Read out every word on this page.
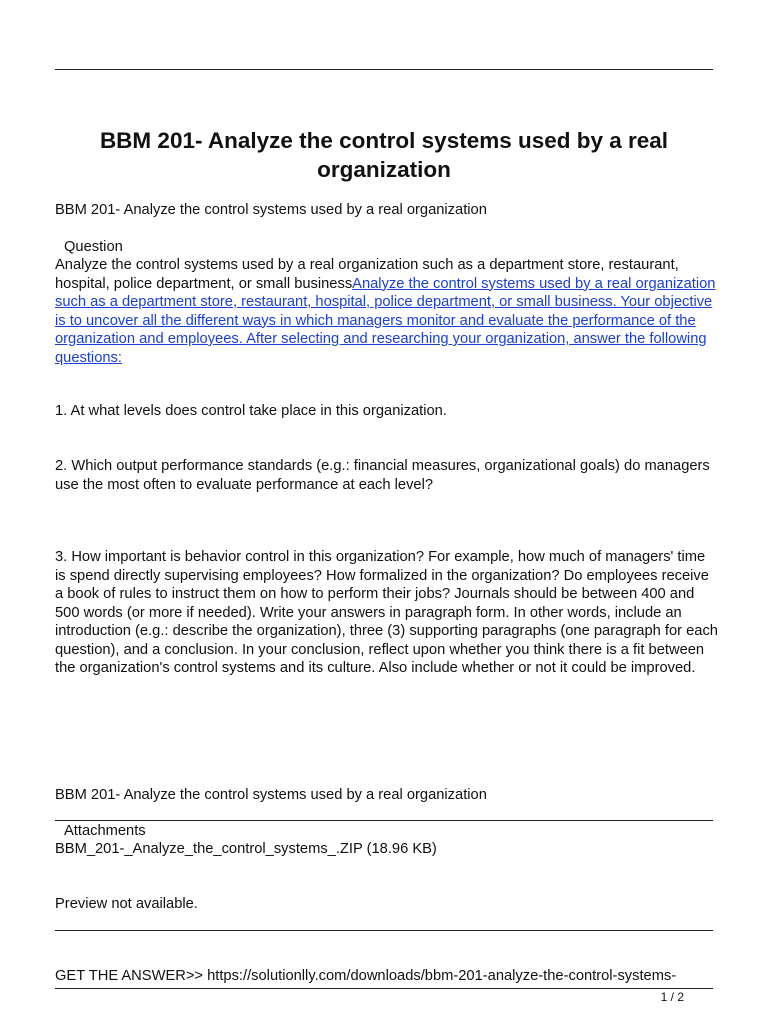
BBM 201- Analyze the control systems used by a real organization

BBM 201- Analyze the control systems used by a real organization

Question

Analyze the control systems used by a real organization such as a department store, restaurant, hospital, police department, or small businessAnalyze the control systems used by a real organization such as a department store, restaurant, hospital, police department, or small business. Your objective is to uncover all the different ways in which managers monitor and evaluate the performance of the organization and employees. After selecting and researching your organization, answer the following questions:

1. At what levels does control take place in this organization.

2. Which output performance standards (e.g.: financial measures, organizational goals) do managers use the most often to evaluate performance at each level?

3. How important is behavior control in this organization? For example, how much of managers' time is spend directly supervising employees? How formalized in the organization? Do employees receive a book of rules to instruct them on how to perform their jobs? Journals should be between 400 and 500 words (or more if needed). Write your answers in paragraph form. In other words, include an introduction (e.g.: describe the organization), three (3) supporting paragraphs (one paragraph for each question), and a conclusion. In your conclusion, reflect upon whether you think there is a fit between the organization's control systems and its culture. Also include whether or not it could be improved.

BBM 201- Analyze the control systems used by a real organization

Attachments

BBM_201-_Analyze_the_control_systems_.ZIP (18.96 KB)

Preview not available.

GET THE ANSWER>> https://solutionlly.com/downloads/bbm-201-analyze-the-control-systems-

1 / 2
